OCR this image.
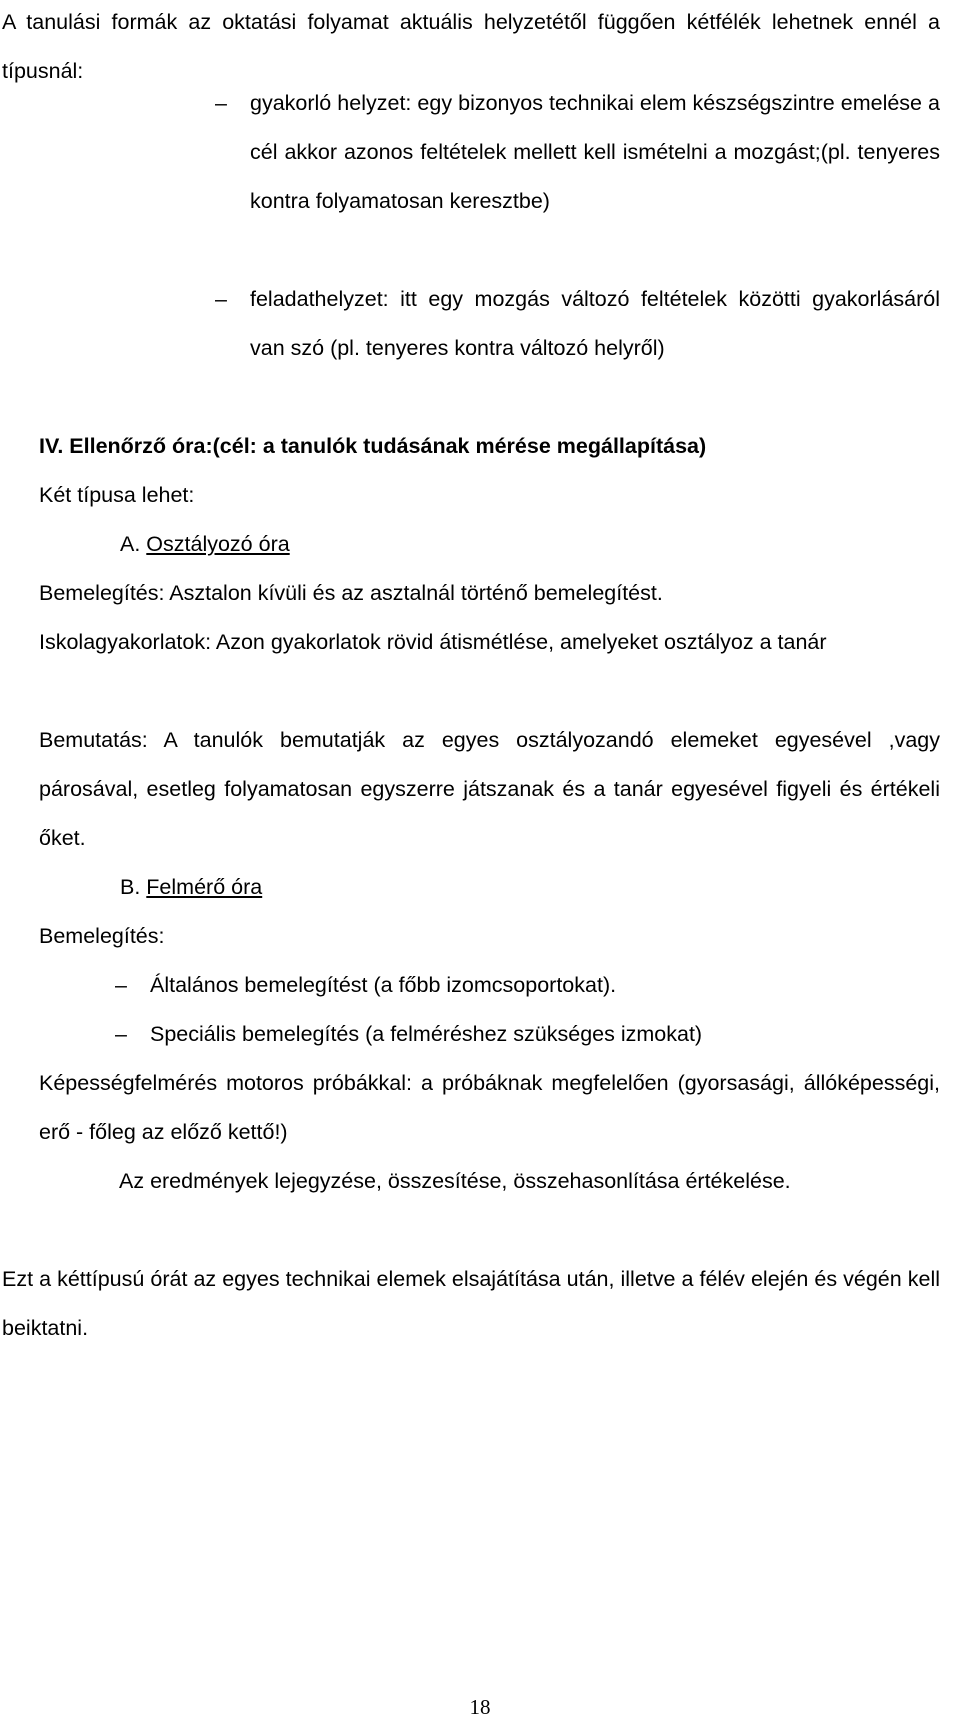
A tanulási formák az oktatási folyamat aktuális helyzetétől függően kétfélék lehetnek ennél a típusnál:
– gyakorló helyzet: egy bizonyos technikai elem készségszintre emelése a cél akkor azonos feltételek mellett kell ismételni a mozgást;(pl. tenyeres kontra folyamatosan keresztbe)
– feladathelyzet: itt egy mozgás változó feltételek közötti gyakorlásáról van szó (pl. tenyeres kontra változó helyről)
IV. Ellenőrző óra:(cél: a tanulók tudásának mérése megállapítása)
Két típusa lehet:
A. Osztályozó óra
Bemelegítés: Asztalon kívüli és az asztalnál történő bemelegítést.
Iskolagyakorlatok: Azon gyakorlatok rövid átismétlése, amelyeket osztályoz a tanár
Bemutatás: A tanulók bemutatják az egyes osztályozandó elemeket egyesével ,vagy párosával, esetleg folyamatosan egyszerre játszanak és a tanár egyesével figyeli és értékeli őket.
B. Felmérő óra
Bemelegítés:
– Általános bemelegítést (a főbb izomcsoportokat).
– Speciális bemelegítés (a felméréshez szükséges izmokat)
Képességfelmérés motoros próbákkal: a próbáknak megfelelően (gyorsasági, állóképességi, erő - főleg az előző kettő!)
Az eredmények lejegyzése, összesítése, összehasonlítása értékelése.
Ezt a kéttípusú órát az egyes technikai elemek elsajátítása után, illetve a félév elején és végén kell beiktatni.
18
